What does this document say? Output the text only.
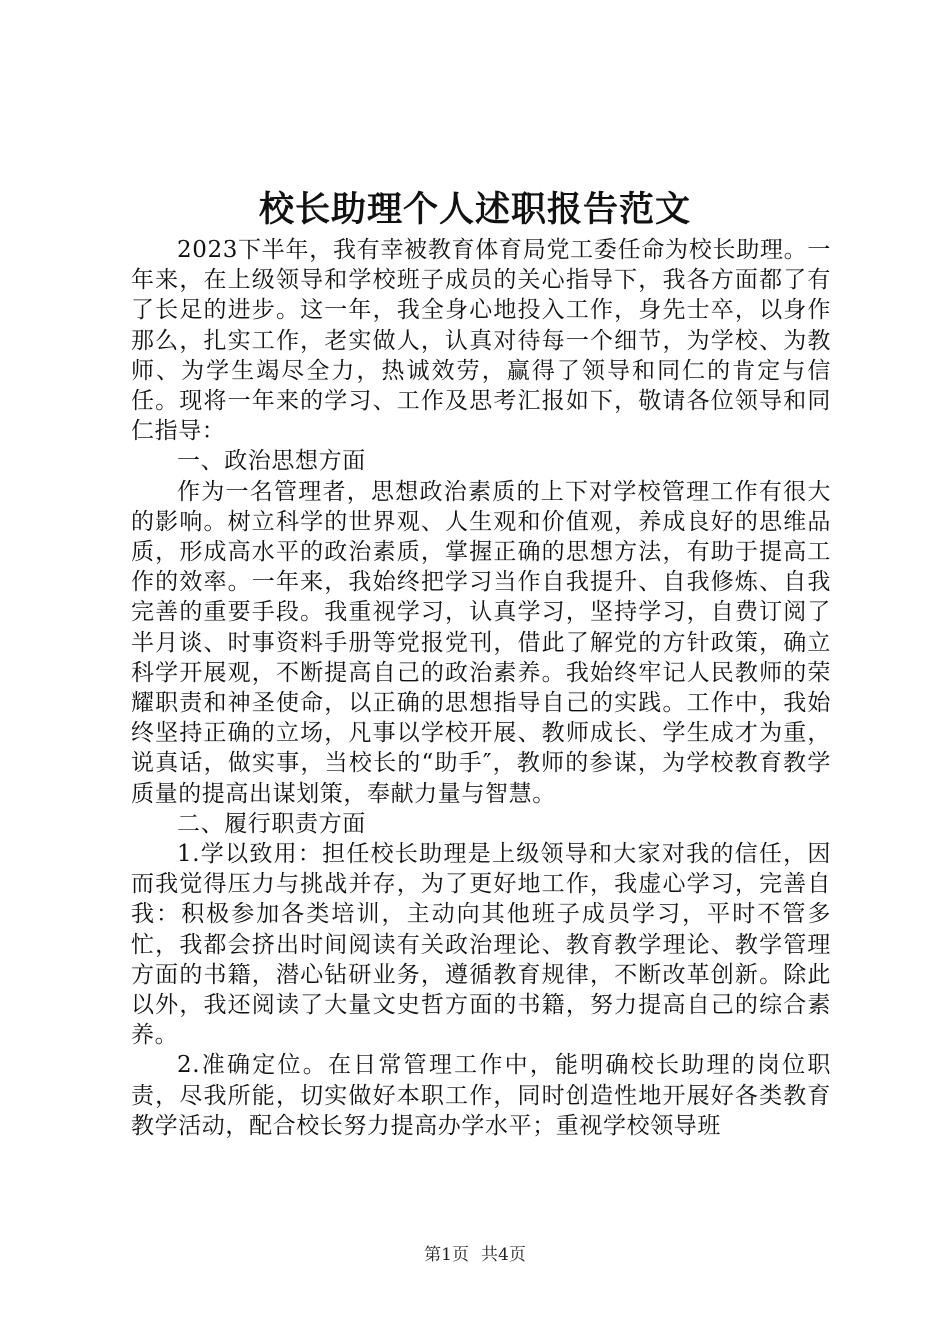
校长助理个人述职报告范文

2023下半年，我有幸被教育体育局党工委任命为校长助理。一年来，在上级领导和学校班子成员的关心指导下，我各方面都了有了长足的进步。这一年，我全身心地投入工作，身先士卒，以身作那么，扎实工作，老实做人，认真对待每一个细节，为学校、为教师、为学生竭尽全力，热诚效劳，赢得了领导和同仁的肯定与信任。现将一年来的学习、工作及思考汇报如下，敬请各位领导和同仁指导：

一、政治思想方面

作为一名管理者，思想政治素质的上下对学校管理工作有很大的影响。树立科学的世界观、人生观和价值观，养成良好的思维品质，形成高水平的政治素质，掌握正确的思想方法，有助于提高工作的效率。一年来，我始终把学习当作自我提升、自我修炼、自我完善的重要手段。我重视学习，认真学习，坚持学习，自费订阅了半月谈、时事资料手册等党报党刊，借此了解党的方针政策，确立科学开展观，不断提高自己的政治素养。我始终牢记人民教师的荣耀职责和神圣使命，以正确的思想指导自己的实践。工作中，我始终坚持正确的立场，凡事以学校开展、教师成长、学生成才为重，说真话，做实事，当校长的“助手″，教师的参谋，为学校教育教学质量的提高出谋划策，奉献力量与智慧。

二、履行职责方面

1.学以致用：担任校长助理是上级领导和大家对我的信任，因而我觉得压力与挑战并存，为了更好地工作，我虚心学习，完善自我：积极参加各类培训，主动向其他班子成员学习，平时不管多忙，我都会挤出时间阅读有关政治理论、教育教学理论、教学管理方面的书籍，潜心钻研业务，遵循教育规律，不断改革创新。除此以外，我还阅读了大量文史哲方面的书籍，努力提高自己的综合素养。

2.准确定位。在日常管理工作中，能明确校长助理的岗位职责，尽我所能，切实做好本职工作，同时创造性地开展好各类教育教学活动，配合校长努力提高办学水平；重视学校领导班

第1页 共4页
